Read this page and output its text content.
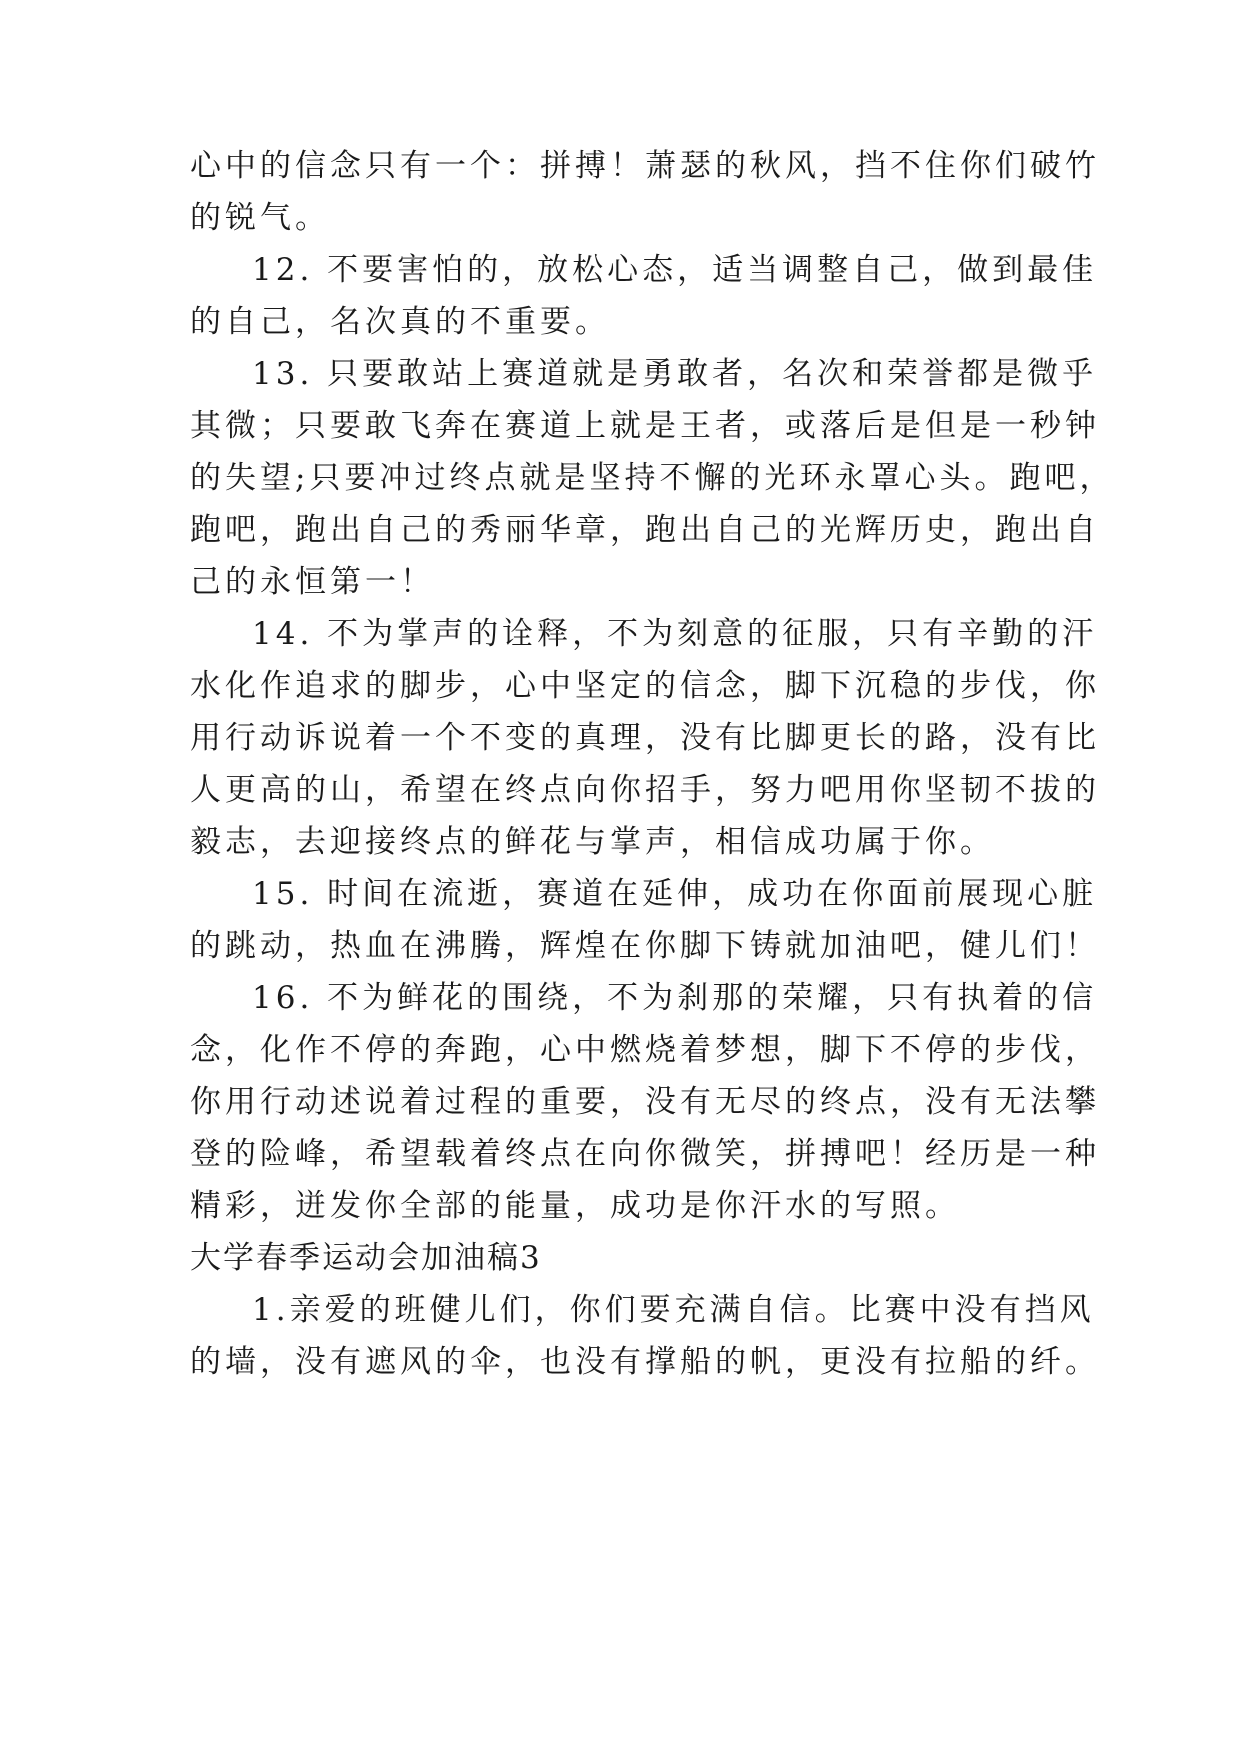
心中的信念只有一个：拼搏！萧瑟的秋风，挡不住你们破竹
的锐气。
12. 不要害怕的，放松心态，适当调整自己，做到最佳
的自己，名次真的不重要。
13. 只要敢站上赛道就是勇敢者，名次和荣誉都是微乎
其微；只要敢飞奔在赛道上就是王者，或落后是但是一秒钟
的失望;只要冲过终点就是坚持不懈的光环永罩心头。跑吧，
跑吧，跑出自己的秀丽华章，跑出自己的光辉历史，跑出自
己的永恒第一！
14. 不为掌声的诠释，不为刻意的征服，只有辛勤的汗
水化作追求的脚步，心中坚定的信念，脚下沉稳的步伐，你
用行动诉说着一个不变的真理，没有比脚更长的路，没有比
人更高的山，希望在终点向你招手，努力吧用你坚韧不拔的
毅志，去迎接终点的鲜花与掌声，相信成功属于你。
15. 时间在流逝，赛道在延伸，成功在你面前展现心脏
的跳动，热血在沸腾，辉煌在你脚下铸就加油吧，健儿们！
16. 不为鲜花的围绕，不为刹那的荣耀，只有执着的信
念，化作不停的奔跑，心中燃烧着梦想，脚下不停的步伐，
你用行动述说着过程的重要，没有无尽的终点，没有无法攀
登的险峰，希望载着终点在向你微笑，拼搏吧！经历是一种
精彩，迸发你全部的能量，成功是你汗水的写照。
大学春季运动会加油稿3
1.亲爱的班健儿们，你们要充满自信。比赛中没有挡风
的墙，没有遮风的伞，也没有撑船的帆，更没有拉船的纤。
